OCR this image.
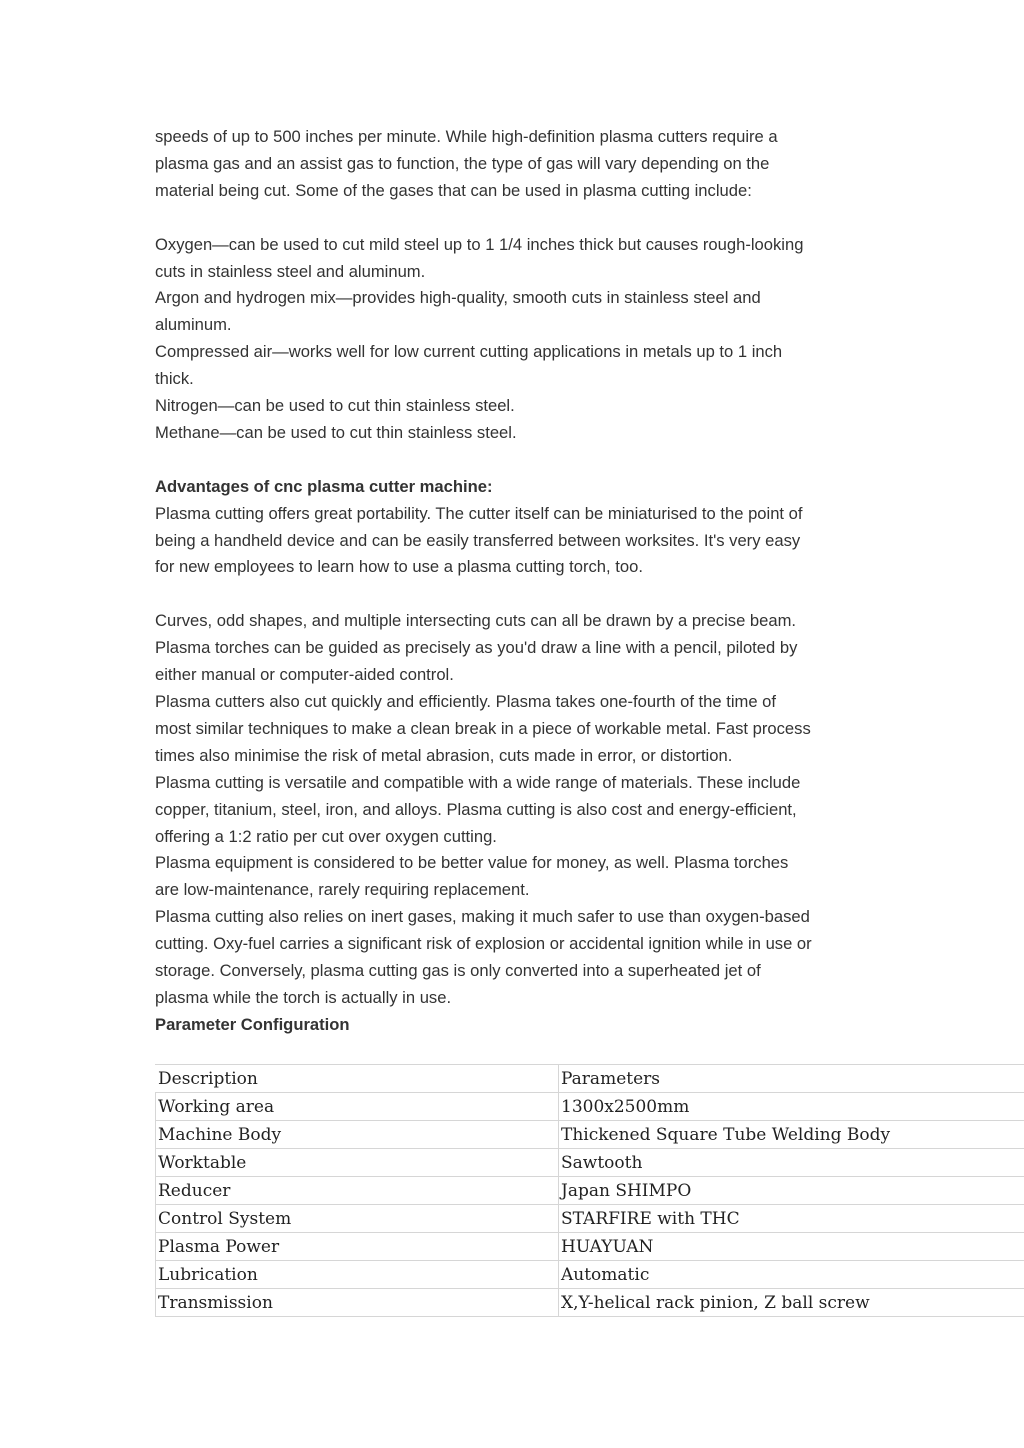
speeds of up to 500 inches per minute. While high-definition plasma cutters require a
plasma gas and an assist gas to function, the type of gas will vary depending on the
material being cut. Some of the gases that can be used in plasma cutting include:
Oxygen—can be used to cut mild steel up to 1 1/4 inches thick but causes rough-looking
cuts in stainless steel and aluminum.
Argon and hydrogen mix—provides high-quality, smooth cuts in stainless steel and
aluminum.
Compressed air—works well for low current cutting applications in metals up to 1 inch
thick.
Nitrogen—can be used to cut thin stainless steel.
Methane—can be used to cut thin stainless steel.
Advantages of cnc plasma cutter machine:
Plasma cutting offers great portability. The cutter itself can be miniaturised to the point of
being a handheld device and can be easily transferred between worksites. It's very easy
for new employees to learn how to use a plasma cutting torch, too.
Curves, odd shapes, and multiple intersecting cuts can all be drawn by a precise beam.
Plasma torches can be guided as precisely as you'd draw a line with a pencil, piloted by
either manual or computer-aided control.
Plasma cutters also cut quickly and efficiently. Plasma takes one-fourth of the time of
most similar techniques to make a clean break in a piece of workable metal. Fast process
times also minimise the risk of metal abrasion, cuts made in error, or distortion.
Plasma cutting is versatile and compatible with a wide range of materials. These include
copper, titanium, steel, iron, and alloys. Plasma cutting is also cost and energy-efficient,
offering a 1:2 ratio per cut over oxygen cutting.
Plasma equipment is considered to be better value for money, as well. Plasma torches
are low-maintenance, rarely requiring replacement.
Plasma cutting also relies on inert gases, making it much safer to use than oxygen-based
cutting. Oxy-fuel carries a significant risk of explosion or accidental ignition while in use or
storage. Conversely, plasma cutting gas is only converted into a superheated jet of
plasma while the torch is actually in use.
Parameter Configuration
Description	Parameters
Working area	1300x2500mm
Machine Body	Thickened Square Tube Welding Body
Worktable	Sawtooth
Reducer	Japan SHIMPO
Control System	STARFIRE with THC
Plasma Power	HUAYUAN
Lubrication	Automatic
Transmission	X,Y-helical rack pinion, Z ball screw
